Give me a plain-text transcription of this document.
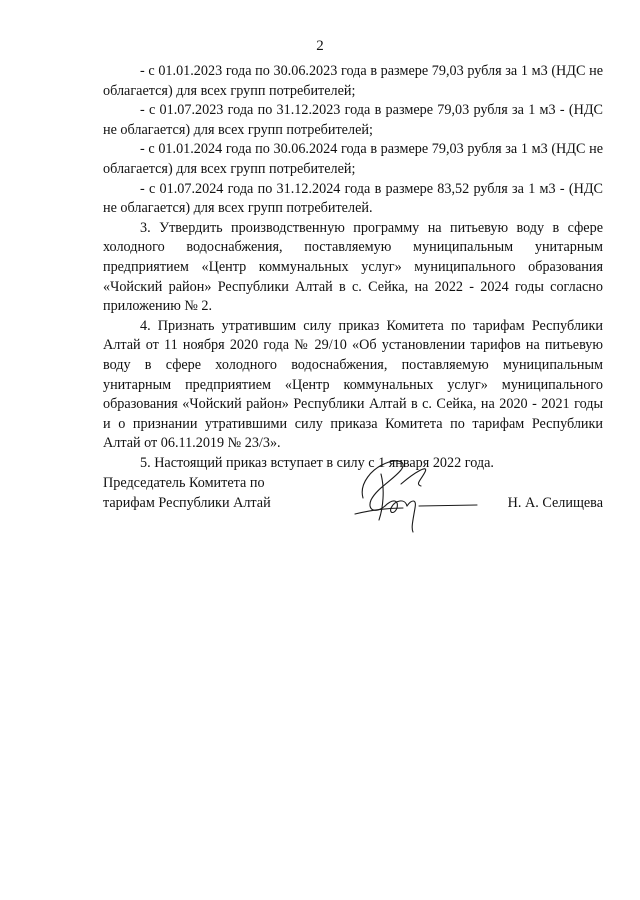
2

- с 01.01.2023 года по 30.06.2023 года в размере 79,03 рубля за 1 м3 (НДС не облагается) для всех групп потребителей;

- с 01.07.2023 года по 31.12.2023 года в размере 79,03 рубля за 1 м3 - (НДС не облагается) для всех групп потребителей;

- с 01.01.2024 года по 30.06.2024 года в размере 79,03 рубля за 1 м3 (НДС не облагается) для всех групп потребителей;

- с 01.07.2024 года по 31.12.2024 года в размере 83,52 рубля за 1 м3 - (НДС не облагается) для всех групп потребителей.

3. Утвердить производственную программу на питьевую воду в сфере холодного водоснабжения, поставляемую муниципальным унитарным предприятием «Центр коммунальных услуг» муниципального образования «Чойский район» Республики Алтай в с. Сейка, на 2022 - 2024 годы согласно приложению № 2.

4. Признать утратившим силу приказ Комитета по тарифам Республики Алтай от 11 ноября 2020 года № 29/10 «Об установлении тарифов на питьевую воду в сфере холодного водоснабжения, поставляемую муниципальным унитарным предприятием «Центр коммунальных услуг» муниципального образования «Чойский район» Республики Алтай в с. Сейка, на 2020 - 2021 годы и о признании утратившими силу приказа Комитета по тарифам Республики Алтай от 06.11.2019 № 23/3».

5. Настоящий приказ вступает в силу с 1 января 2022 года.

Председатель Комитета по
тарифам Республики Алтай	Н. А. Селищева
